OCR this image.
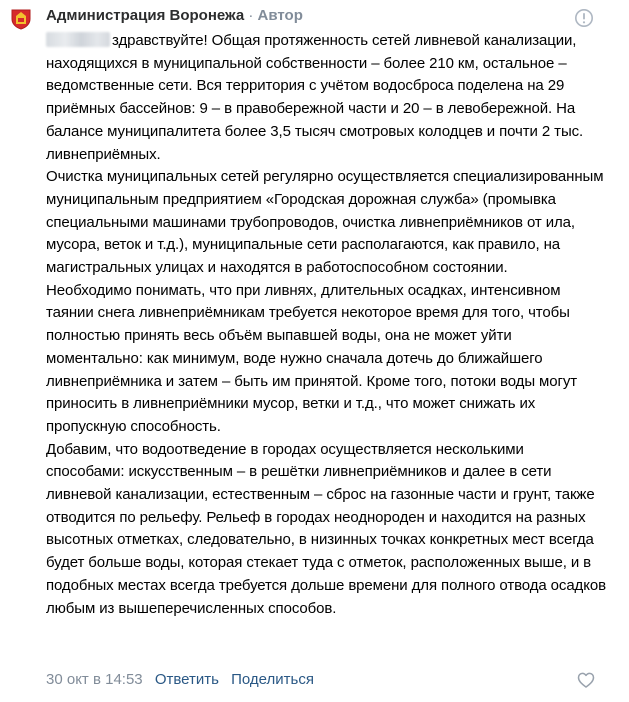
Администрация Воронежа · Автор
здравствуйте! Общая протяженность сетей ливневой канализации, находящихся в муниципальной собственности – более 210 км, остальное – ведомственные сети. Вся территория с учётом водосброса поделена на 29 приёмных бассейнов: 9 – в правобережной части и 20 – в левобережной. На балансе муниципалитета более 3,5 тысяч смотровых колодцев и почти 2 тыс. ливнеприёмных.
Очистка муниципальных сетей регулярно осуществляется специализированным муниципальным предприятием «Городская дорожная служба» (промывка специальными машинами трубопроводов, очистка ливнеприёмников от ила, мусора, веток и т.д.), муниципальные сети располагаются, как правило, на магистральных улицах и находятся в работоспособном состоянии.
Необходимо понимать, что при ливнях, длительных осадках, интенсивном таянии снега ливнеприёмникам требуется некоторое время для того, чтобы полностью принять весь объём выпавшей воды, она не может уйти моментально: как минимум, воде нужно сначала дотечь до ближайшего ливнеприёмника и затем – быть им принятой. Кроме того, потоки воды могут приносить в ливнеприёмники мусор, ветки и т.д., что может снижать их пропускную способность.
Добавим, что водоотведение в городах осуществляется несколькими способами: искусственным – в решётки ливнеприёмников и далее в сети ливневой канализации, естественным – сброс на газонные части и грунт, также отводится по рельефу. Рельеф в городах неоднороден и находится на разных высотных отметках, следовательно, в низинных точках конкретных мест всегда будет больше воды, которая стекает туда с отметок, расположенных выше, и в подобных местах всегда требуется дольше времени для полного отвода осадков любым из вышеперечисленных способов.
30 окт в 14:53 Ответить Поделиться
